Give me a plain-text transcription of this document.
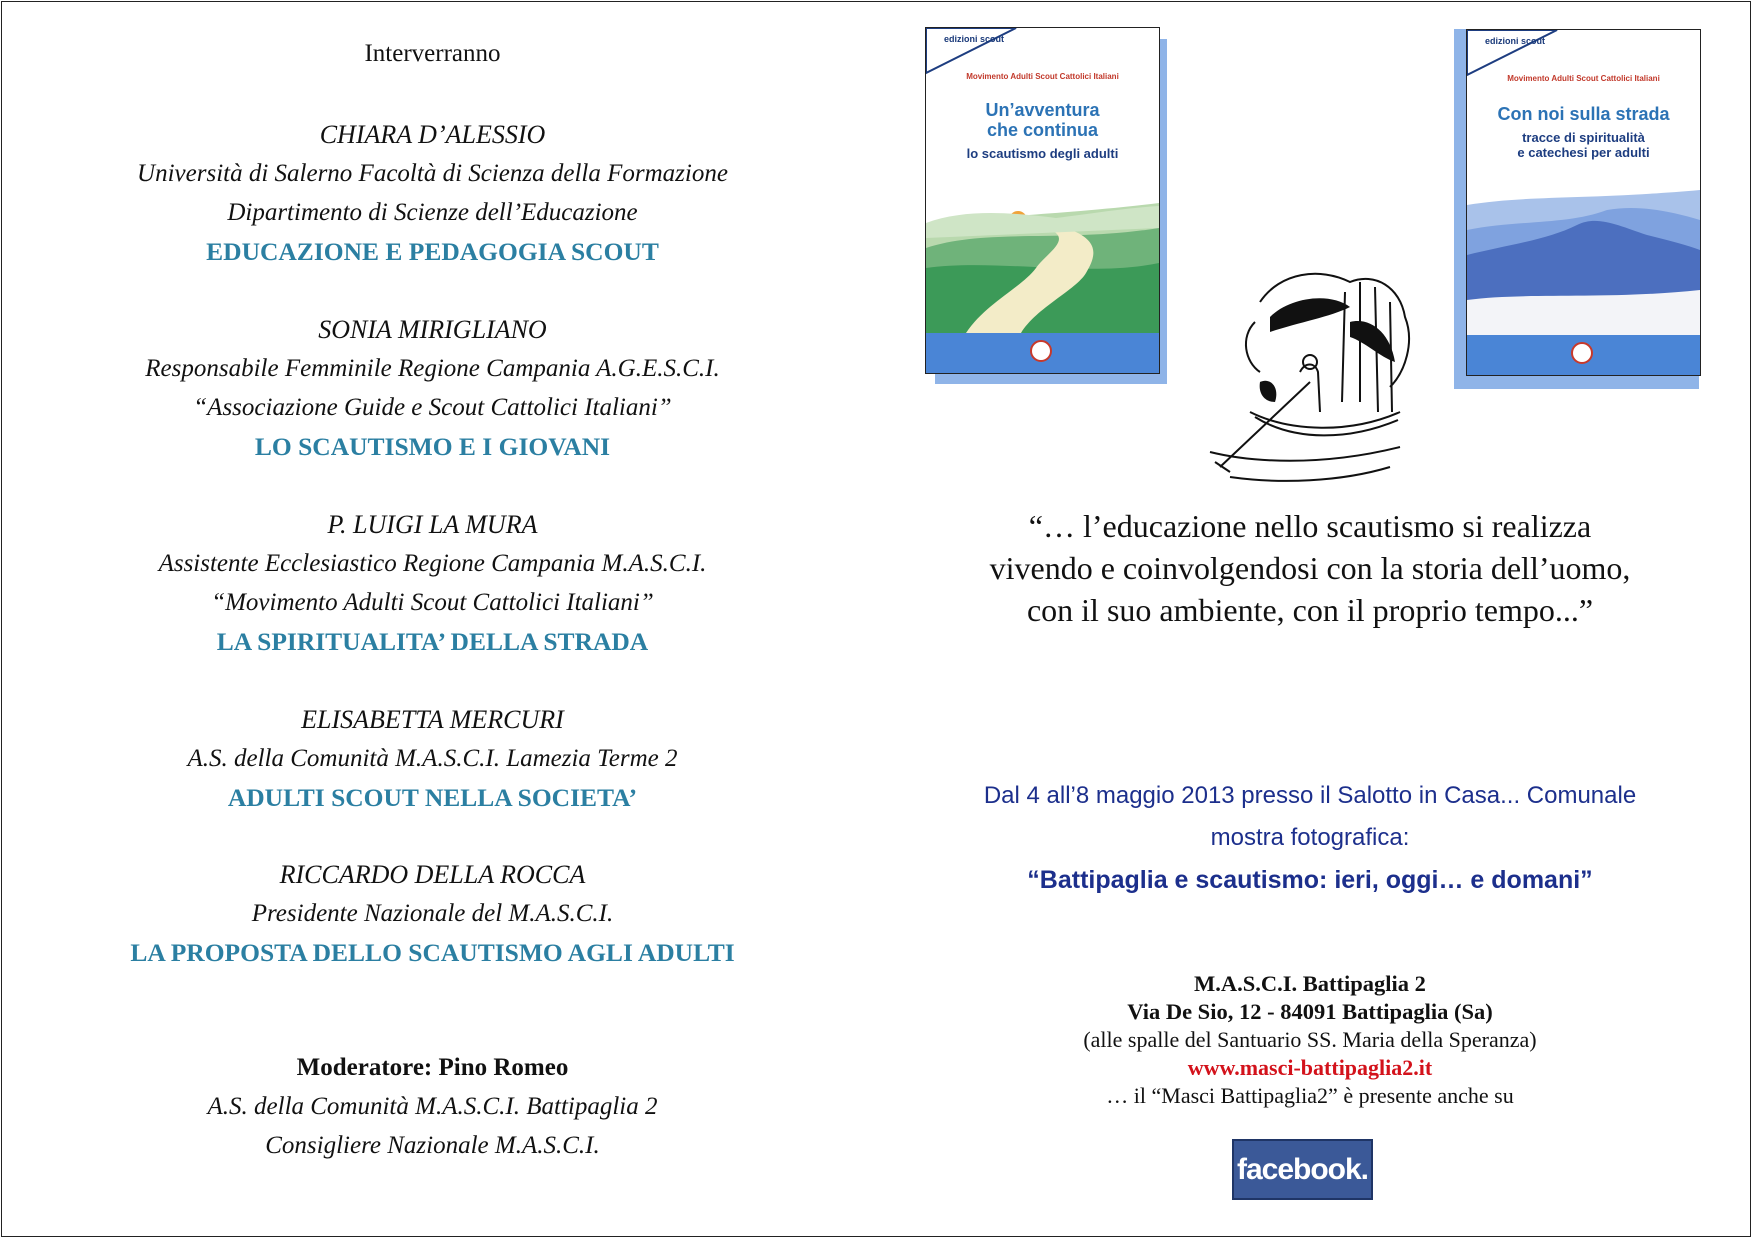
Interverranno
CHIARA D’ALESSIO
Università di Salerno Facoltà di Scienza della Formazione
Dipartimento di Scienze dell’Educazione
EDUCAZIONE E PEDAGOGIA SCOUT
SONIA MIRIGLIANO
Responsabile Femminile Regione Campania A.G.E.S.C.I.
“Associazione Guide e Scout Cattolici Italiani”
LO SCAUTISMO E I GIOVANI
P. LUIGI LA MURA
Assistente Ecclesiastico Regione Campania M.A.S.C.I.
“Movimento Adulti Scout Cattolici Italiani”
LA SPIRITUALITA’ DELLA STRADA
ELISABETTA MERCURI
A.S. della Comunità M.A.S.C.I. Lamezia Terme 2
ADULTI SCOUT NELLA SOCIETA’
RICCARDO DELLA ROCCA
Presidente Nazionale del M.A.S.C.I.
LA PROPOSTA DELLO SCAUTISMO AGLI ADULTI
Moderatore: Pino Romeo
A.S. della Comunità M.A.S.C.I. Battipaglia 2
Consigliere Nazionale M.A.S.C.I.
edizioni scout
Movimento Adulti Scout Cattolici Italiani
Un’avventura
che continua
lo scautismo degli adulti
edizioni scout
Movimento Adulti Scout Cattolici Italiani
Con noi sulla strada
tracce di spiritualità
e catechesi per adulti
“… l’educazione nello scautismo si realizza
vivendo e coinvolgendosi con la storia dell’uomo,
con il suo ambiente, con il proprio tempo...”
Dal 4 all’8 maggio 2013 presso il Salotto in Casa... Comunale
mostra fotografica:
“Battipaglia e scautismo: ieri, oggi… e domani”
M.A.S.C.I. Battipaglia 2
Via De Sio, 12 - 84091 Battipaglia (Sa)
(alle spalle del Santuario SS. Maria della Speranza)
www.masci-battipaglia2.it
… il “Masci Battipaglia2” è presente anche su
facebook.
